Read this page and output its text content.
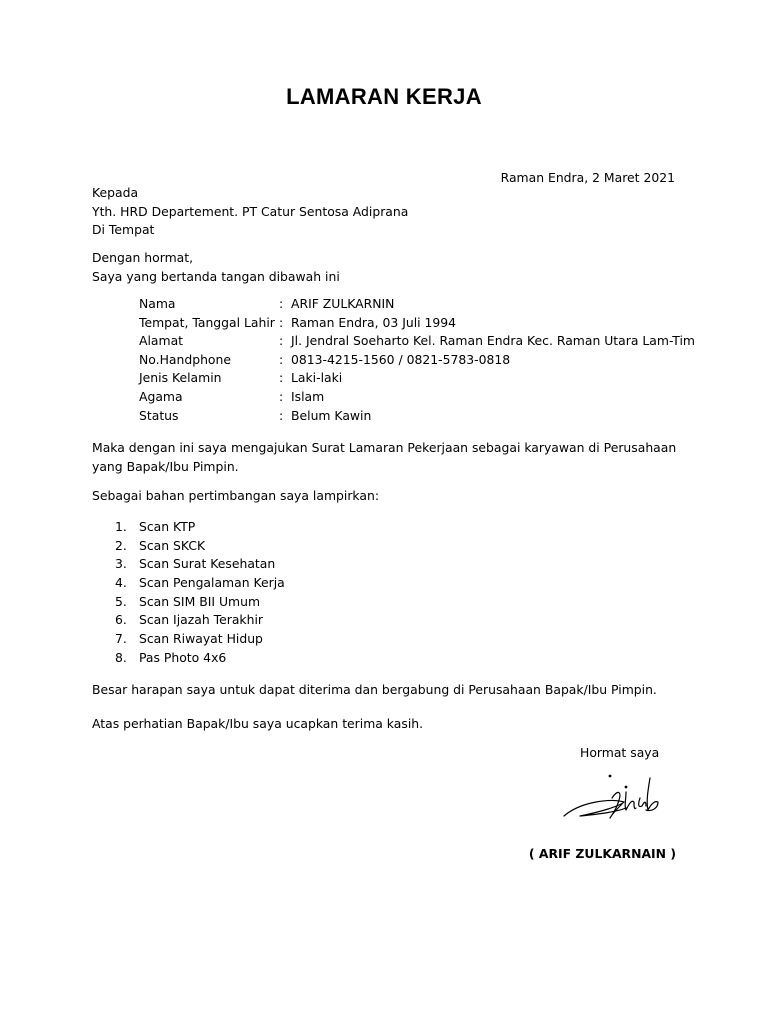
LAMARAN KERJA
Raman Endra, 2 Maret 2021
Kepada
Yth. HRD Departement. PT Catur Sentosa Adiprana
Di Tempat
Dengan hormat,
Saya yang bertanda tangan dibawah ini
Nama	: ARIF ZULKARNIN
Tempat, Tanggal Lahir : Raman Endra, 03 Juli 1994
Alamat	: Jl. Jendral Soeharto Kel. Raman Endra Kec. Raman Utara Lam-Tim
No.Handphone	: 0813-4215-1560 / 0821-5783-0818
Jenis Kelamin	: Laki-laki
Agama	: Islam
Status	: Belum Kawin
Maka dengan ini saya mengajukan Surat Lamaran Pekerjaan sebagai karyawan di Perusahaan yang Bapak/Ibu Pimpin.
Sebagai bahan pertimbangan saya lampirkan:
1. Scan KTP
2. Scan SKCK
3. Scan Surat Kesehatan
4. Scan Pengalaman Kerja
5. Scan SIM BII Umum
6. Scan Ijazah Terakhir
7. Scan Riwayat Hidup
8. Pas Photo 4x6
Besar harapan saya untuk dapat diterima dan bergabung di Perusahaan Bapak/Ibu Pimpin.
Atas perhatian Bapak/Ibu saya ucapkan terima kasih.
Hormat saya
( ARIF ZULKARNAIN )
